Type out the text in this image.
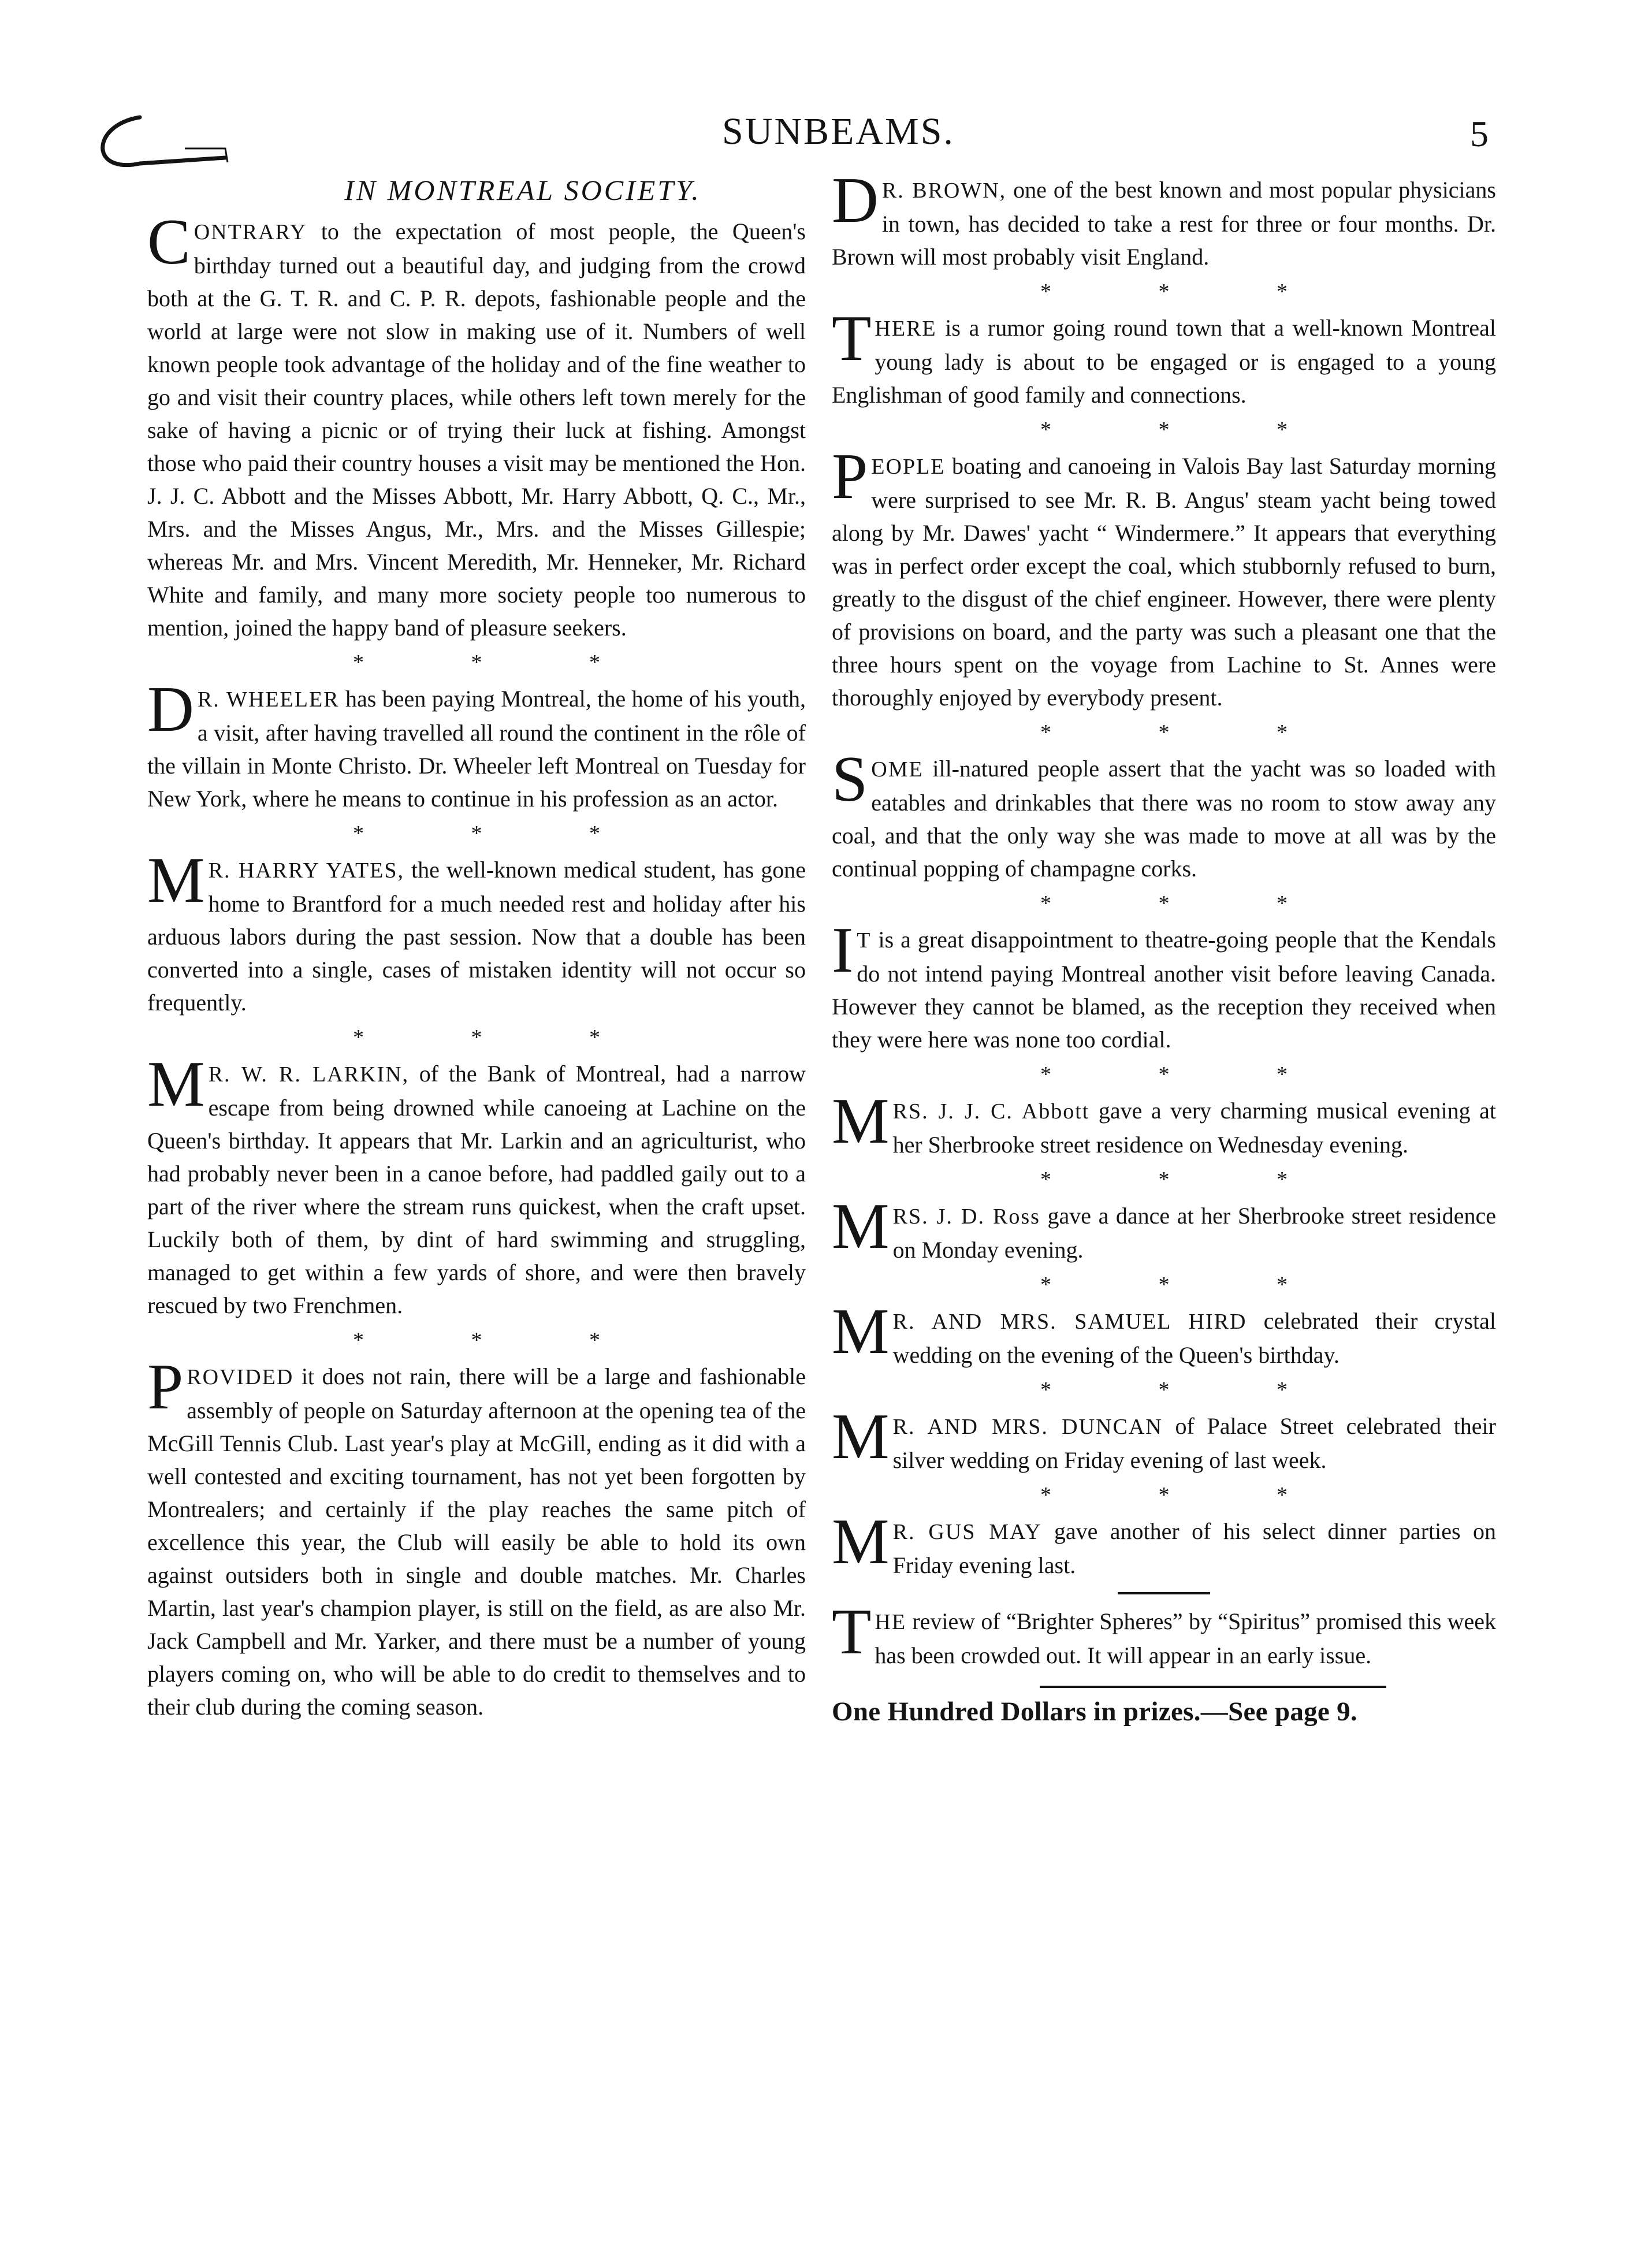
SUNBEAMS.	5
IN MONTREAL SOCIETY.

CONTRARY to the expectation of most people, the Queen's birthday turned out a beautiful day, and judging from the crowd both at the G. T. R. and C. P. R. depots, fashionable people and the world at large were not slow in making use of it. Numbers of well known people took advantage of the holiday and of the fine weather to go and visit their country places, while others left town merely for the sake of having a picnic or of trying their luck at fishing. Amongst those who paid their country houses a visit may be mentioned the Hon. J. J. C. Abbott and the Misses Abbott, Mr. Harry Abbott, Q. C., Mr., Mrs. and the Misses Angus, Mr., Mrs. and the Misses Gillespie; whereas Mr. and Mrs. Vincent Meredith, Mr. Henneker, Mr. Richard White and family, and many more society people too numerous to mention, joined the happy band of pleasure seekers.

* * *

DR. WHEELER has been paying Montreal, the home of his youth, a visit, after having travelled all round the continent in the rôle of the villain in Monte Christo. Dr. Wheeler left Montreal on Tuesday for New York, where he means to continue in his profession as an actor.

* * *

MR. HARRY YATES, the well-known medical student, has gone home to Brantford for a much needed rest and holiday after his arduous labors during the past session. Now that a double has been converted into a single, cases of mistaken identity will not occur so frequently.

* * *

MR. W. R. LARKIN, of the Bank of Montreal, had a narrow escape from being drowned while canoeing at Lachine on the Queen's birthday. It appears that Mr. Larkin and an agriculturist, who had probably never been in a canoe before, had paddled gaily out to a part of the river where the stream runs quickest, when the craft upset. Luckily both of them, by dint of hard swimming and struggling, managed to get within a few yards of shore, and were then bravely rescued by two Frenchmen.

* * *

PROVIDED it does not rain, there will be a large and fashionable assembly of people on Saturday afternoon at the opening tea of the McGill Tennis Club. Last year's play at McGill, ending as it did with a well contested and exciting tournament, has not yet been forgotten by Montrealers; and certainly if the play reaches the same pitch of excellence this year, the Club will easily be able to hold its own against outsiders both in single and double matches. Mr. Charles Martin, last year's champion player, is still on the field, as are also Mr. Jack Campbell and Mr. Yarker, and there must be a number of young players coming on, who will be able to do credit to themselves and to their club during the coming season.

DR. BROWN, one of the best known and most popular physicians in town, has decided to take a rest for three or four months. Dr. Brown will most probably visit England.

* * *

THERE is a rumor going round town that a well-known Montreal young lady is about to be engaged or is engaged to a young Englishman of good family and connections.

* * *

PEOPLE boating and canoeing in Valois Bay last Saturday morning were surprised to see Mr. R. B. Angus' steam yacht being towed along by Mr. Dawes' yacht “ Windermere.” It appears that everything was in perfect order except the coal, which stubbornly refused to burn, greatly to the disgust of the chief engineer. However, there were plenty of provisions on board, and the party was such a pleasant one that the three hours spent on the voyage from Lachine to St. Annes were thoroughly enjoyed by everybody present.

* * *

SOME ill-natured people assert that the yacht was so loaded with eatables and drinkables that there was no room to stow away any coal, and that the only way she was made to move at all was by the continual popping of champagne corks.

* * *

IT is a great disappointment to theatre-going people that the Kendals do not intend paying Montreal another visit before leaving Canada. However they cannot be blamed, as the reception they received when they were here was none too cordial.

* * *

MRS. J. J. C. Abbott gave a very charming musical evening at her Sherbrooke street residence on Wednesday evening.

* * *

MRS. J. D. Ross gave a dance at her Sherbrooke street residence on Monday evening.

* * *

MR. AND MRS. SAMUEL HIRD celebrated their crystal wedding on the evening of the Queen's birthday.

* * *

MR. AND MRS. DUNCAN of Palace Street celebrated their silver wedding on Friday evening of last week.

* * *

MR. GUS MAY gave another of his select dinner parties on Friday evening last.

THE review of “Brighter Spheres” by “Spiritus” promised this week has been crowded out. It will appear in an early issue.

One Hundred Dollars in prizes.—See page 9.
